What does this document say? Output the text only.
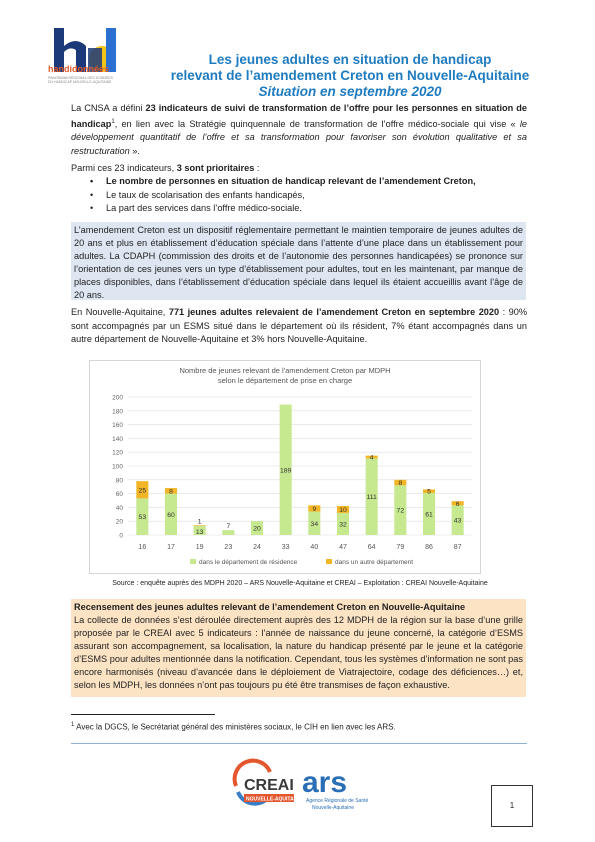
handidonnées
PANORAMA RÉGIONAL DES DONNÉES DU HANDICAP NOUVELLE-AQUITAINE
Les jeunes adultes en situation de handicap
relevant de l’amendement Creton en Nouvelle-Aquitaine
Situation en septembre 2020
La CNSA a défini 23 indicateurs de suivi de transformation de l’offre pour les personnes en situation de handicap$^1$, en lien avec la Stratégie quinquennale de transformation de l’offre médico-sociale qui vise « le développement quantitatif de l’offre et sa transformation pour favoriser son évolution qualitative et sa restructuration ».
Parmi ces 23 indicateurs, 3 sont prioritaires :
• Le nombre de personnes en situation de handicap relevant de l’amendement Creton,
• Le taux de scolarisation des enfants handicapés,
• La part des services dans l’offre médico-sociale.
L’amendement Creton est un dispositif réglementaire permettant le maintien temporaire de jeunes adultes de 20 ans et plus en établissement d’éducation spéciale dans l’attente d’une place dans un établissement pour adultes. La CDAPH (commission des droits et de l’autonomie des personnes handicapées) se prononce sur l’orientation de ces jeunes vers un type d’établissement pour adultes, tout en les maintenant, par manque de places disponibles, dans l’établissement d’éducation spéciale dans lequel ils étaient accueillis avant l’âge de 20 ans.
En Nouvelle-Aquitaine, 771 jeunes adultes relevaient de l’amendement Creton en septembre 2020 : 90% sont accompagnés par un ESMS situé dans le département où ils résident, 7% étant accompagnés dans un autre département de Nouvelle-Aquitaine et 3% hors Nouvelle-Aquitaine.
Nombre de jeunes relevant de l'amendement Creton par MDPH
selon le département de prise en charge
0
20
40
60
80
100
120
140
160
180
200
53
25
16
60
8
17
13
1
19
7
23
20
24
189
33
34
9
40
32
10
47
111
4
64
72
8
79
61
5
86
43
6
87
dans le département de résidence	dans un autre département
Source : enquête auprès des MDPH 2020 – ARS Nouvelle-Aquitaine et CREAI – Exploitation : CREAI Nouvelle-Aquitaine
Recensement des jeunes adultes relevant de l’amendement Creton en Nouvelle-Aquitaine
La collecte de données s’est déroulée directement auprès des 12 MDPH de la région sur la base d’une grille proposée par le CREAI avec 5 indicateurs : l’année de naissance du jeune concerné, la catégorie d’ESMS assurant son accompagnement, sa localisation, la nature du handicap présenté par le jeune et la catégorie d’ESMS pour adultes mentionnée dans la notification. Cependant, tous les systèmes d’information ne sont pas encore harmonisés (niveau d’avancée dans le déploiement de Viatrajectoire, codage des déficiences…) et, selon les MDPH, les données n’ont pas toujours pu été être transmises de façon exhaustive.
$^1$ Avec la DGCS, le Secrétariat général des ministères sociaux, le CIH en lien avec les ARS.
CREAI
NOUVELLE-AQUITAINE
ars
Agence Régionale de Santé
Nouvelle-Aquitaine	1
